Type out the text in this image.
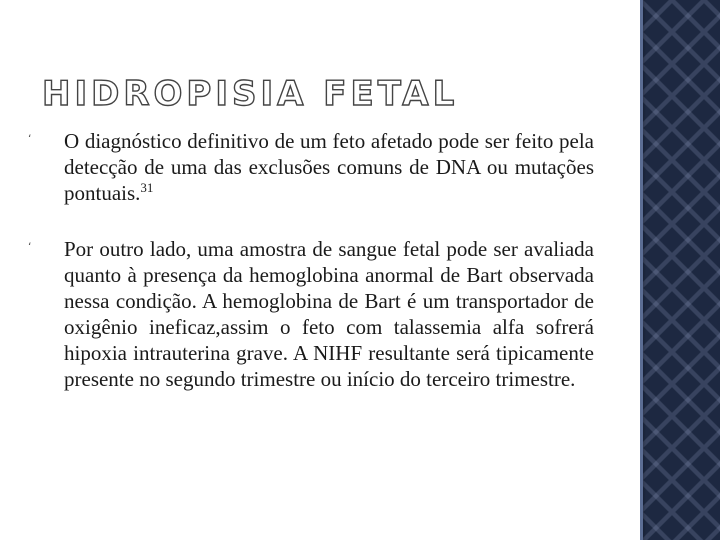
HIDROPISIA FETAL
ʻ O diagnóstico definitivo de um feto afetado pode ser feito pela detecção de uma das exclusões comuns de DNA ou mutações pontuais.$^{31}$
ʻ Por outro lado, uma amostra de sangue fetal pode ser avaliada quanto à presença da hemoglobina anormal de Bart observada nessa condição. A hemoglobina de Bart é um transportador de oxigênio ineficaz,assim o feto com talassemia alfa sofrerá hipoxia intrauterina grave. A NIHF resultante será tipicamente presente no segundo trimestre ou início do terceiro trimestre.
